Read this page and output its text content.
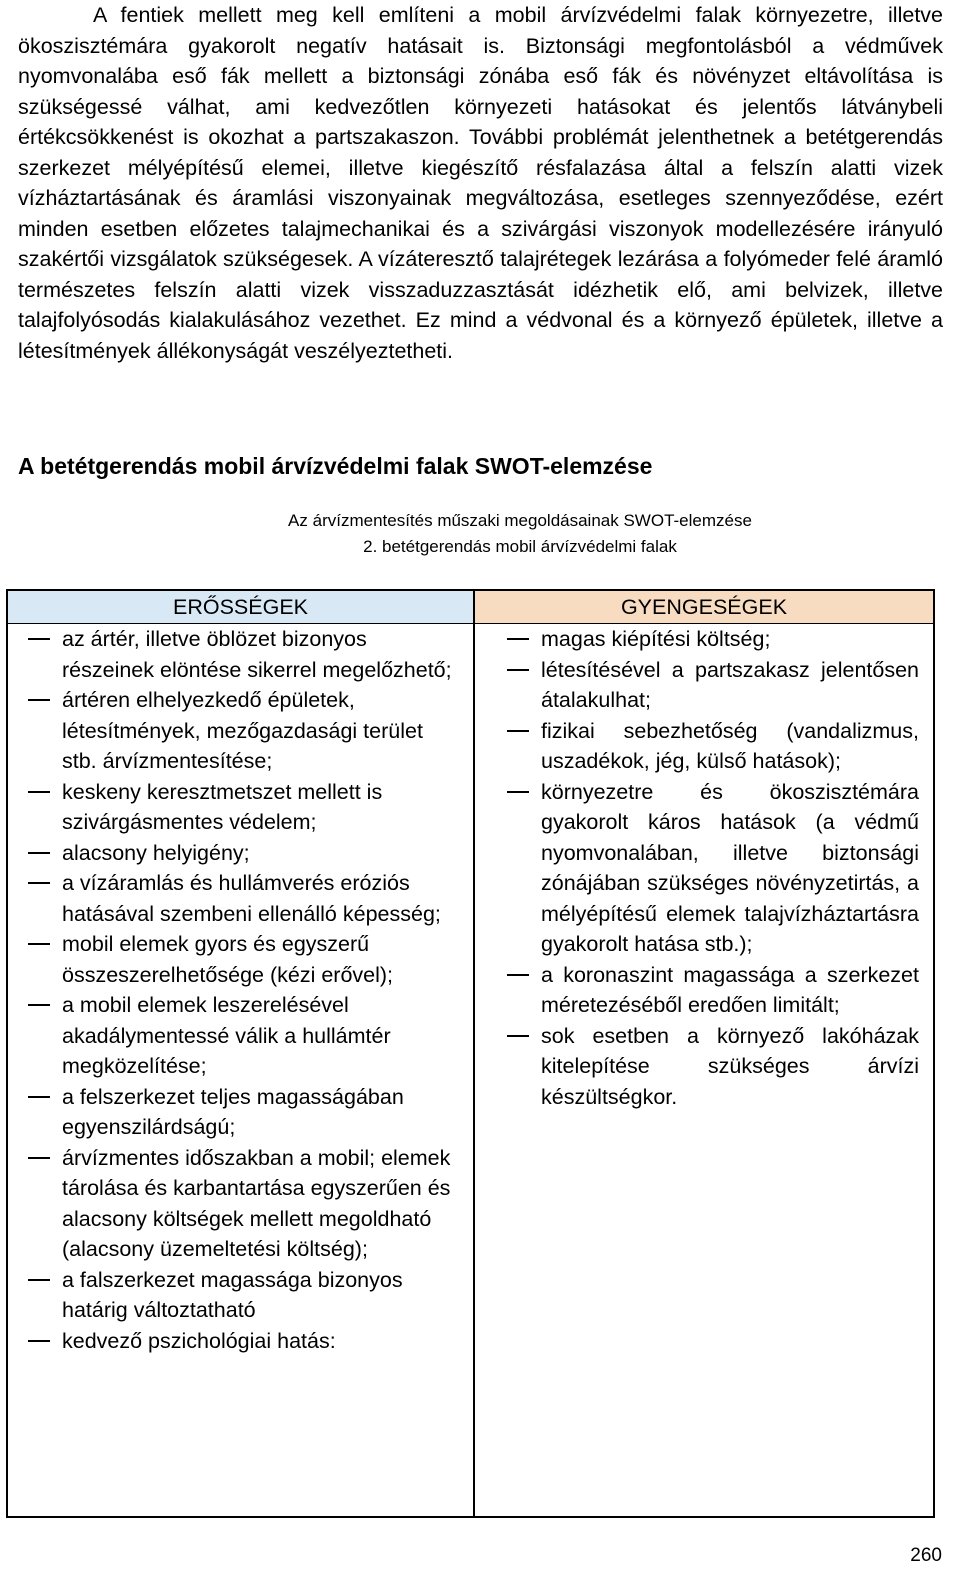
A fentiek mellett meg kell említeni a mobil árvízvédelmi falak környezetre, illetve ökoszisztémára gyakorolt negatív hatásait is. Biztonsági megfontolásból a védművek nyomvonalába eső fák mellett a biztonsági zónába eső fák és növényzet eltávolítása is szükségessé válhat, ami kedvezőtlen környezeti hatásokat és jelentős látványbeli értékcsökkenést is okozhat a partszakaszon. További problémát jelenthetnek a betétgerendás szerkezet mélyépítésű elemei, illetve kiegészítő résfalazása által a felszín alatti vizek vízháztartásának és áramlási viszonyainak megváltozása, esetleges szennyeződése, ezért minden esetben előzetes talajmechanikai és a szivárgási viszonyok modellezésére irányuló szakértői vizsgálatok szükségesek. A vízáteresztő talajrétegek lezárása a folyómeder felé áramló természetes felszín alatti vizek visszaduzzasztását idézhetik elő, ami belvizek, illetve talajfolyósodás kialakulásához vezethet. Ez mind a védvonal és a környező épületek, illetve a létesítmények állékonyságát veszélyeztetheti.

A betétgerendás mobil árvízvédelmi falak SWOT-elemzése
Az árvízmentesítés műszaki megoldásainak SWOT-elemzése
2. betétgerendás mobil árvízvédelmi falak
ERŐSSÉGEK
az ártér, illetve öblözet bizonyos részeinek elöntése sikerrel megelőzhető;
ártéren elhelyezkedő épületek, létesítmények, mezőgazdasági terület stb. árvízmentesítése;
keskeny keresztmetszet mellett is szivárgásmentes védelem;
alacsony helyigény;
a vízáramlás és hullámverés eróziós hatásával szembeni ellenálló képesség;
mobil elemek gyors és egyszerű összeszerelhetősége (kézi erővel);
a mobil elemek leszerelésével akadálymentessé válik a hullámtér megközelítése;
a felszerkezet teljes magasságában egyenszilárdságú;
árvízmentes időszakban a mobil; elemek tárolása és karbantartása egyszerűen és alacsony költségek mellett megoldható (alacsony üzemeltetési költség);
a falszerkezet magassága bizonyos határig változtatható
kedvező pszichológiai hatás:
GYENGESÉGEK
magas kiépítési költség;
létesítésével a partszakasz jelentősen átalakulhat;
fizikai sebezhetőség (vandalizmus, uszadékok, jég, külső hatások);
környezetre és ökoszisztémára gyakorolt káros hatások (a védmű nyomvonalában, illetve biztonsági zónájában szükséges növényzetirtás, a mélyépítésű elemek talajvízháztartásra gyakorolt hatása stb.);
a koronaszint magassága a szerkezet méretezéséből eredően limitált;
sok esetben a környező lakóházak kitelepítése szükséges árvízi készültségkor.
260
